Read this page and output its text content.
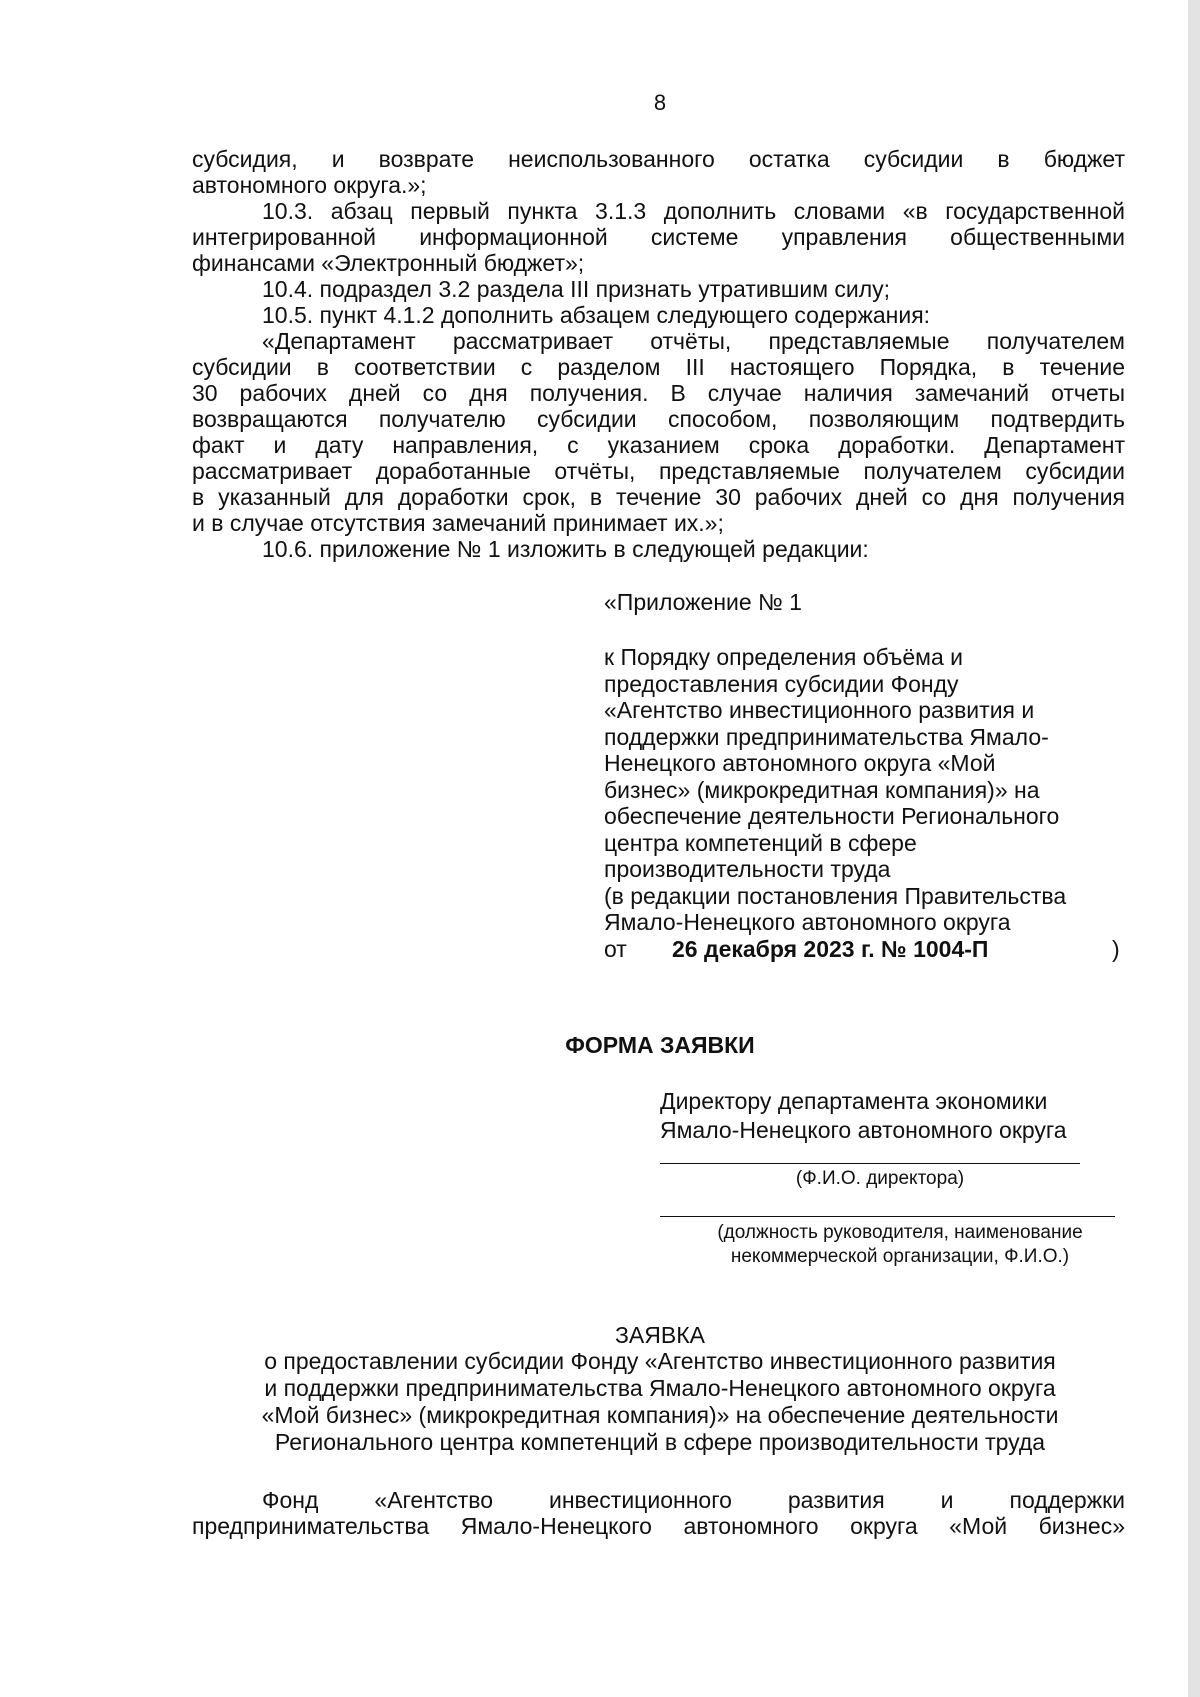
8
субсидия, и возврате неиспользованного остатка субсидии в бюджет
автономного округа.»;
10.3. абзац первый пункта 3.1.3 дополнить словами «в государственной
интегрированной информационной системе управления общественными
финансами «Электронный бюджет»;
10.4. подраздел 3.2 раздела III признать утратившим силу;
10.5. пункт 4.1.2 дополнить абзацем следующего содержания:
«Департамент рассматривает отчёты, представляемые получателем
субсидии в соответствии с разделом III настоящего Порядка, в течение
30 рабочих дней со дня получения. В случае наличия замечаний отчеты
возвращаются получателю субсидии способом, позволяющим подтвердить
факт и дату направления, с указанием срока доработки. Департамент
рассматривает доработанные отчёты, представляемые получателем субсидии
в указанный для доработки срок, в течение 30 рабочих дней со дня получения
и в случае отсутствия замечаний принимает их.»;
10.6. приложение № 1 изложить в следующей редакции:
«Приложение № 1
к Порядку определения объёма и
предоставления субсидии Фонду
«Агентство инвестиционного развития и
поддержки предпринимательства Ямало-
Ненецкого автономного округа «Мой
бизнес» (микрокредитная компания)» на
обеспечение деятельности Регионального
центра компетенций в сфере
производительности труда
(в редакции постановления Правительства
Ямало-Ненецкого автономного округа
от 26 декабря 2023 г. № 1004-П	)
ФОРМА ЗАЯВКИ
Директору департамента экономики
Ямало-Ненецкого автономного округа
(Ф.И.О. директора)
(должность руководителя, наименование
некоммерческой организации, Ф.И.О.)
ЗАЯВКА
о предоставлении субсидии Фонду «Агентство инвестиционного развития
и поддержки предпринимательства Ямало-Ненецкого автономного округа
«Мой бизнес» (микрокредитная компания)» на обеспечение деятельности
Регионального центра компетенций в сфере производительности труда
Фонд «Агентство инвестиционного развития и поддержки
предпринимательства Ямало-Ненецкого автономного округа «Мой бизнес»
